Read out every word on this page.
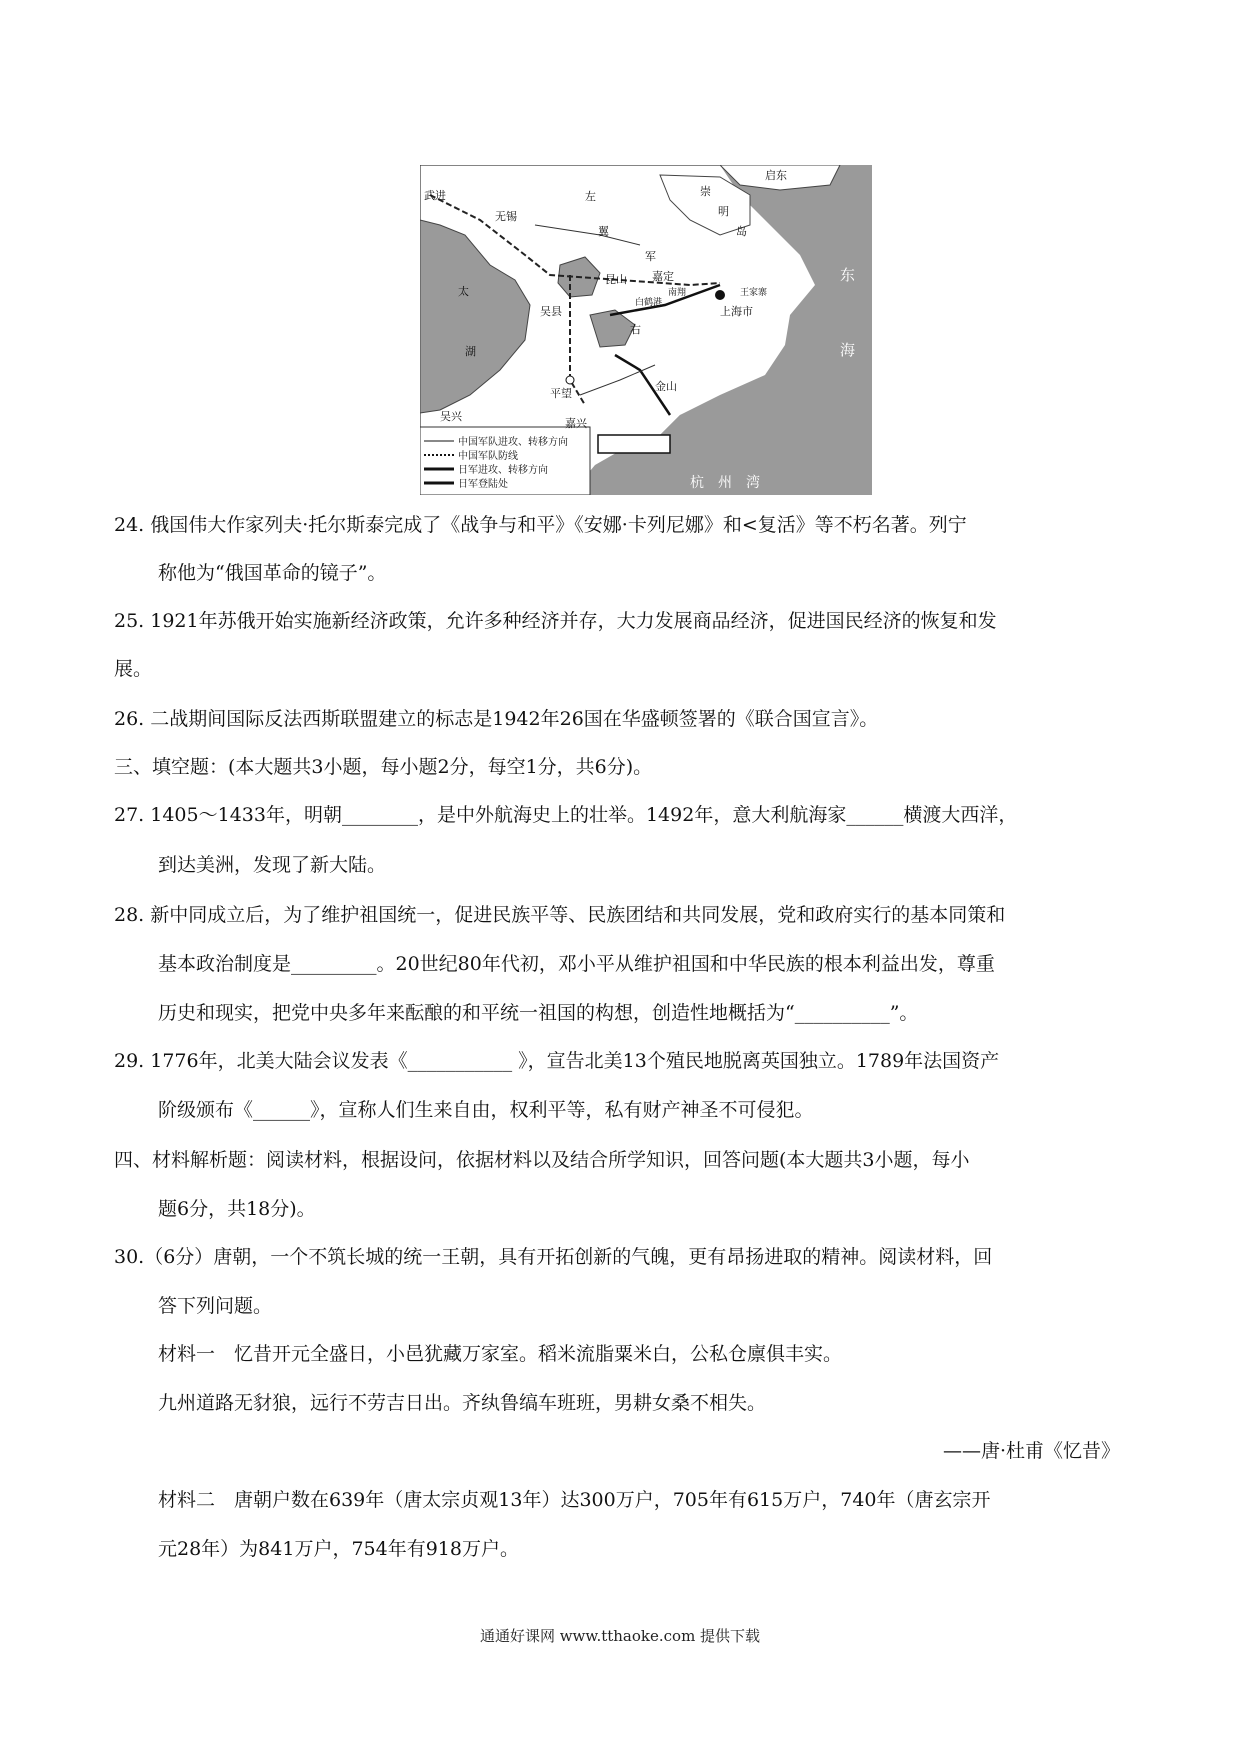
武进
无锡
吴县
昆山 嘉定
南翔
上海市
王家寨
白鹤港
平望
嘉兴
吴兴
金山
启东
崇
明
岛
太
湖
东
海
杭　州　湾
左
翼
军
右
中国军队进攻、转移方向
中国军队防线
日军进攻、转移方向
日军登陆处
24. 俄国伟大作家列夫·托尔斯泰完成了《战争与和平》《安娜·卡列尼娜》和<复活》等不朽名著。列宁
称他为“俄国革命的镜子”。
25. 1921年苏俄开始实施新经济政策，允许多种经济并存，大力发展商品经济，促进国民经济的恢复和发
展。
26. 二战期间国际反法西斯联盟建立的标志是1942年26国在华盛顿签署的《联合国宣言》。
三、填空题：(本大题共3小题，每小题2分，每空1分，共6分)。
27. 1405～1433年，明朝________，是中外航海史上的壮举。1492年，意大利航海家______横渡大西洋，
到达美洲，发现了新大陆。
28. 新中同成立后，为了维护祖国统一，促进民族平等、民族团结和共同发展，党和政府实行的基本同策和
基本政治制度是_________。20世纪80年代初，邓小平从维护祖国和中华民族的根本利益出发，尊重
历史和现实，把党中央多年来酝酿的和平统一祖国的构想，创造性地概括为“__________”。
29. 1776年，北美大陆会议发表《___________ 》，宣告北美13个殖民地脱离英国独立。1789年法国资产
阶级颁布《______》，宣称人们生来自由，权利平等，私有财产神圣不可侵犯。
四、材料解析题：阅读材料，根据设问，依据材料以及结合所学知识，回答问题(本大题共3小题，每小
题6分，共18分)。
30.（6分）唐朝，一个不筑长城的统一王朝，具有开拓创新的气魄，更有昂扬进取的精神。阅读材料，回
答下列问题。
材料一　忆昔开元全盛日，小邑犹藏万家室。稻米流脂粟米白，公私仓廪俱丰实。
九州道路无豺狼，远行不劳吉日出。齐纨鲁缟车班班，男耕女桑不相失。
——唐·杜甫《忆昔》
材料二　唐朝户数在639年（唐太宗贞观13年）达300万户，705年有615万户，740年（唐玄宗开
元28年）为841万户，754年有918万户。
通通好课网 www.tthaoke.com 提供下载
